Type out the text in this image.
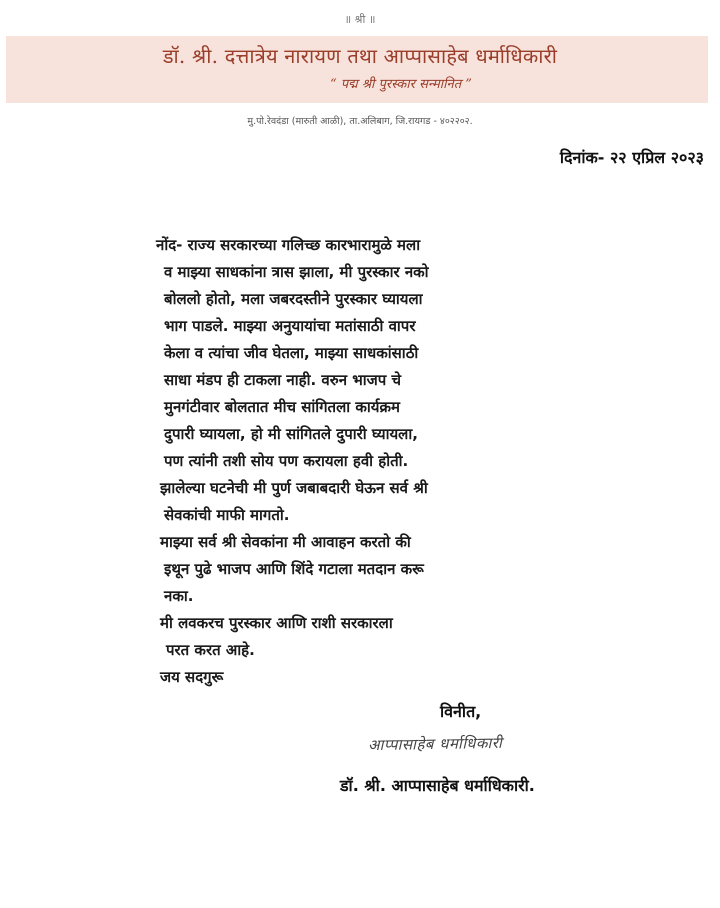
॥ श्री ॥
डॉ. श्री. दत्तात्रेय नारायण तथा आप्पासाहेब धर्माधिकारी
“ पद्म श्री पुरस्कार सन्मानित ”
मु.पो.रेवदंडा (मारुती आळी), ता.अलिबाग, जि.रायगड - ४०२२०२.
दिनांक- २२ एप्रिल २०२३
नोंद- राज्य सरकारच्या गलिच्छ कारभारामुळे मला
व माझ्या साधकांना त्रास झाला, मी पुरस्कार नको
बोललो होतो, मला जबरदस्तीने पुरस्कार घ्यायला
भाग पाडले. माझ्या अनुयायांचा मतांसाठी वापर
केला व त्यांचा जीव घेतला, माझ्या साधकांसाठी
साधा मंडप ही टाकला नाही. वरुन भाजप चे
मुनगंटीवार बोलतात मीच सांगितला कार्यक्रम
दुपारी घ्यायला, हो मी सांगितले दुपारी घ्यायला,
पण त्यांनी तशी सोय पण करायला हवी होती.
झालेल्या घटनेची मी पुर्ण जबाबदारी घेऊन सर्व श्री
सेवकांची माफी मागतो.
माझ्या सर्व श्री सेवकांना मी आवाहन करतो की
इथून पुढे भाजप आणि शिंदे गटाला मतदान करू
नका.
मी लवकरच पुरस्कार आणि राशी सरकारला
परत करत आहे.
जय सदगुरू
विनीत,
आप्पासाहेब धर्माधिकारी
डॉ. श्री. आप्पासाहेब धर्माधिकारी.
